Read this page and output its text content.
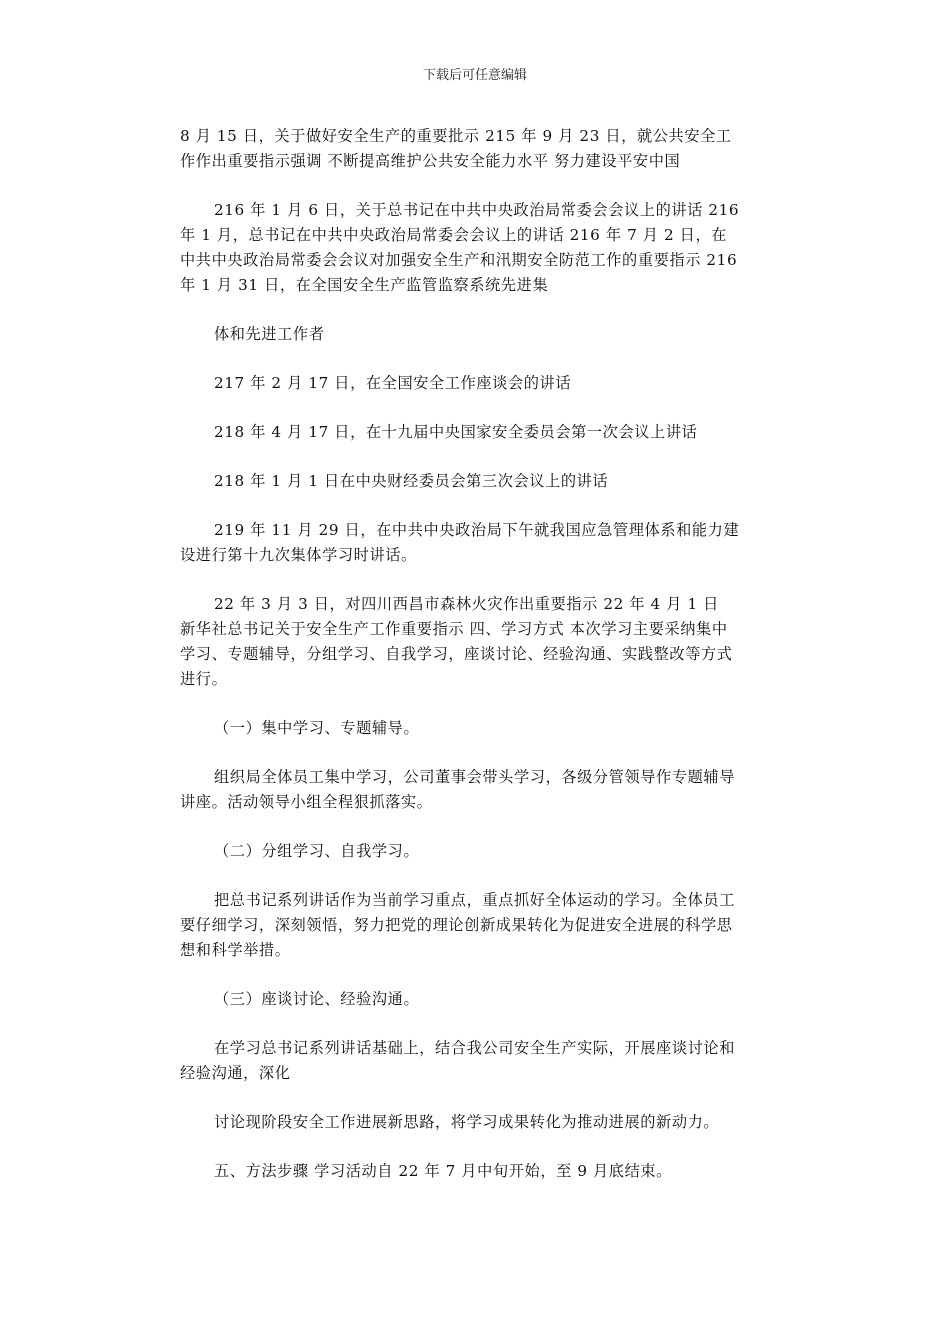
下载后可任意编辑

8 月 15 日，关于做好安全生产的重要批示 215 年 9 月 23 日，就公共安全工
作作出重要指示强调 不断提高维护公共安全能力水平 努力建设平安中国

216 年 1 月 6 日，关于总书记在中共中央政治局常委会会议上的讲话 216
年 1 月，总书记在中共中央政治局常委会会议上的讲话 216 年 7 月 2 日，在
中共中央政治局常委会会议对加强安全生产和汛期安全防范工作的重要指示 216
年 1 月 31 日，在全国安全生产监管监察系统先进集

体和先进工作者

217 年 2 月 17 日，在全国安全工作座谈会的讲话

218 年 4 月 17 日，在十九届中央国家安全委员会第一次会议上讲话

218 年 1 月 1 日在中央财经委员会第三次会议上的讲话

219 年 11 月 29 日，在中共中央政治局下午就我国应急管理体系和能力建
设进行第十九次集体学习时讲话。

22 年 3 月 3 日，对四川西昌市森林火灾作出重要指示 22 年 4 月 1 日
新华社总书记关于安全生产工作重要指示 四、学习方式 本次学习主要采纳集中
学习、专题辅导，分组学习、自我学习，座谈讨论、经验沟通、实践整改等方式
进行。

（一）集中学习、专题辅导。

组织局全体员工集中学习，公司董事会带头学习，各级分管领导作专题辅导
讲座。活动领导小组全程狠抓落实。

（二）分组学习、自我学习。

把总书记系列讲话作为当前学习重点，重点抓好全体运动的学习。全体员工
要仔细学习，深刻领悟，努力把党的理论创新成果转化为促进安全进展的科学思
想和科学举措。

（三）座谈讨论、经验沟通。

在学习总书记系列讲话基础上，结合我公司安全生产实际，开展座谈讨论和
经验沟通，深化

讨论现阶段安全工作进展新思路，将学习成果转化为推动进展的新动力。

五、方法步骤 学习活动自 22 年 7 月中旬开始，至 9 月底结束。
